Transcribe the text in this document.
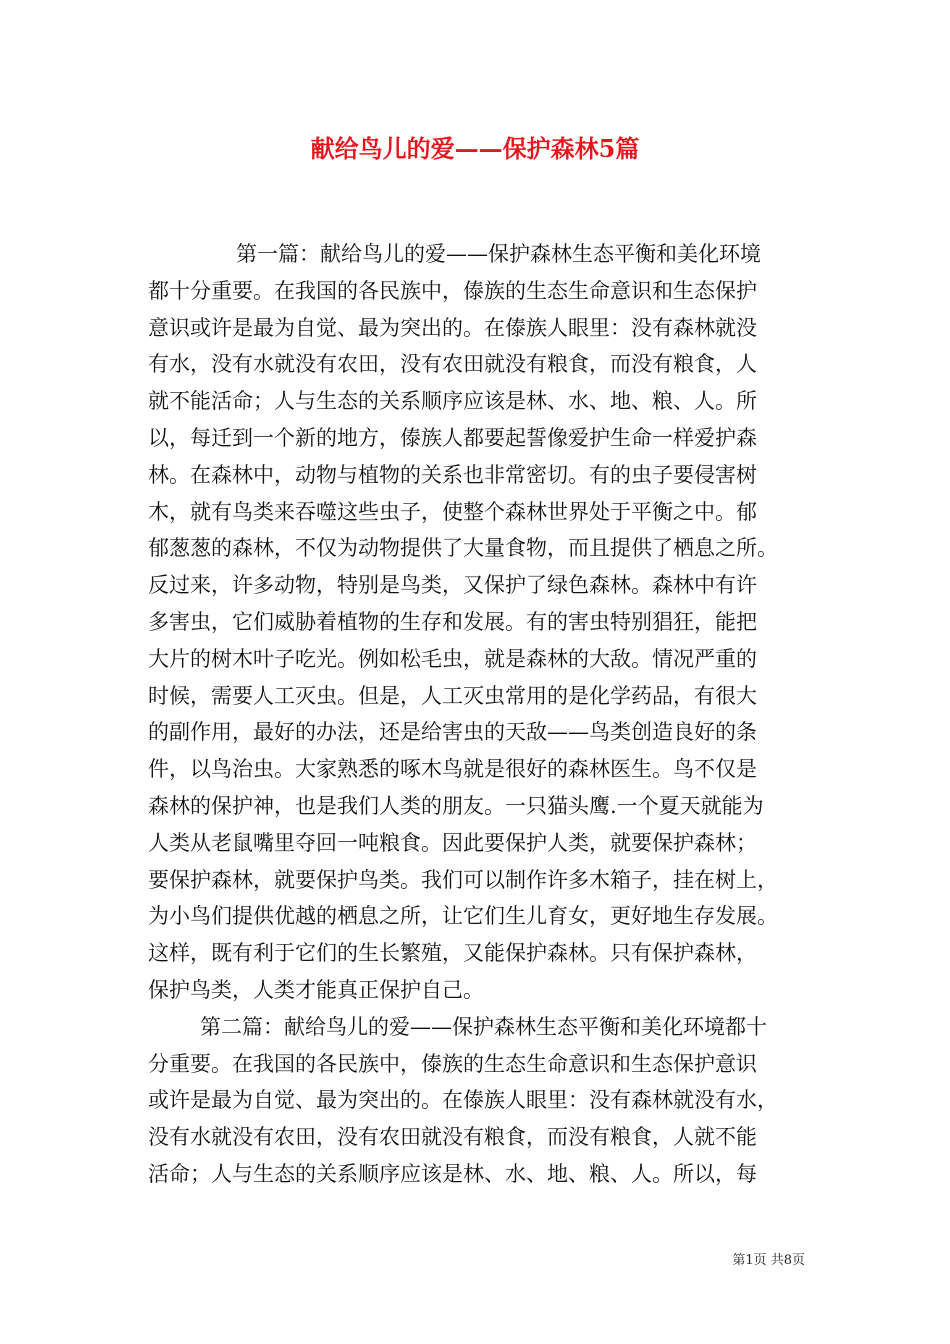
献给鸟儿的爱——保护森林5篇
第一篇：献给鸟儿的爱——保护森林生态平衡和美化环境
都十分重要。在我国的各民族中，傣族的生态生命意识和生态保护
意识或许是最为自觉、最为突出的。在傣族人眼里：没有森林就没
有水，没有水就没有农田，没有农田就没有粮食，而没有粮食，人
就不能活命；人与生态的关系顺序应该是林、水、地、粮、人。所
以，每迁到一个新的地方，傣族人都要起誓像爱护生命一样爱护森
林。在森林中，动物与植物的关系也非常密切。有的虫子要侵害树
木，就有鸟类来吞噬这些虫子，使整个森林世界处于平衡之中。郁
郁葱葱的森林，不仅为动物提供了大量食物，而且提供了栖息之所。
反过来，许多动物，特别是鸟类，又保护了绿色森林。森林中有许
多害虫，它们威胁着植物的生存和发展。有的害虫特别猖狂，能把
大片的树木叶子吃光。例如松毛虫，就是森林的大敌。情况严重的
时候，需要人工灭虫。但是，人工灭虫常用的是化学药品，有很大
的副作用，最好的办法，还是给害虫的天敌——鸟类创造良好的条
件，以鸟治虫。大家熟悉的啄木鸟就是很好的森林医生。鸟不仅是
森林的保护神，也是我们人类的朋友。一只猫头鹰.一个夏天就能为
人类从老鼠嘴里夺回一吨粮食。因此要保护人类，就要保护森林；
要保护森林，就要保护鸟类。我们可以制作许多木箱子，挂在树上，
为小鸟们提供优越的栖息之所，让它们生儿育女，更好地生存发展。
这样，既有利于它们的生长繁殖，又能保护森林。只有保护森林，
保护鸟类，人类才能真正保护自己。
第二篇：献给鸟儿的爱——保护森林生态平衡和美化环境都十
分重要。在我国的各民族中，傣族的生态生命意识和生态保护意识
或许是最为自觉、最为突出的。在傣族人眼里：没有森林就没有水，
没有水就没有农田，没有农田就没有粮食，而没有粮食，人就不能
活命；人与生态的关系顺序应该是林、水、地、粮、人。所以，每
第1页 共8页
